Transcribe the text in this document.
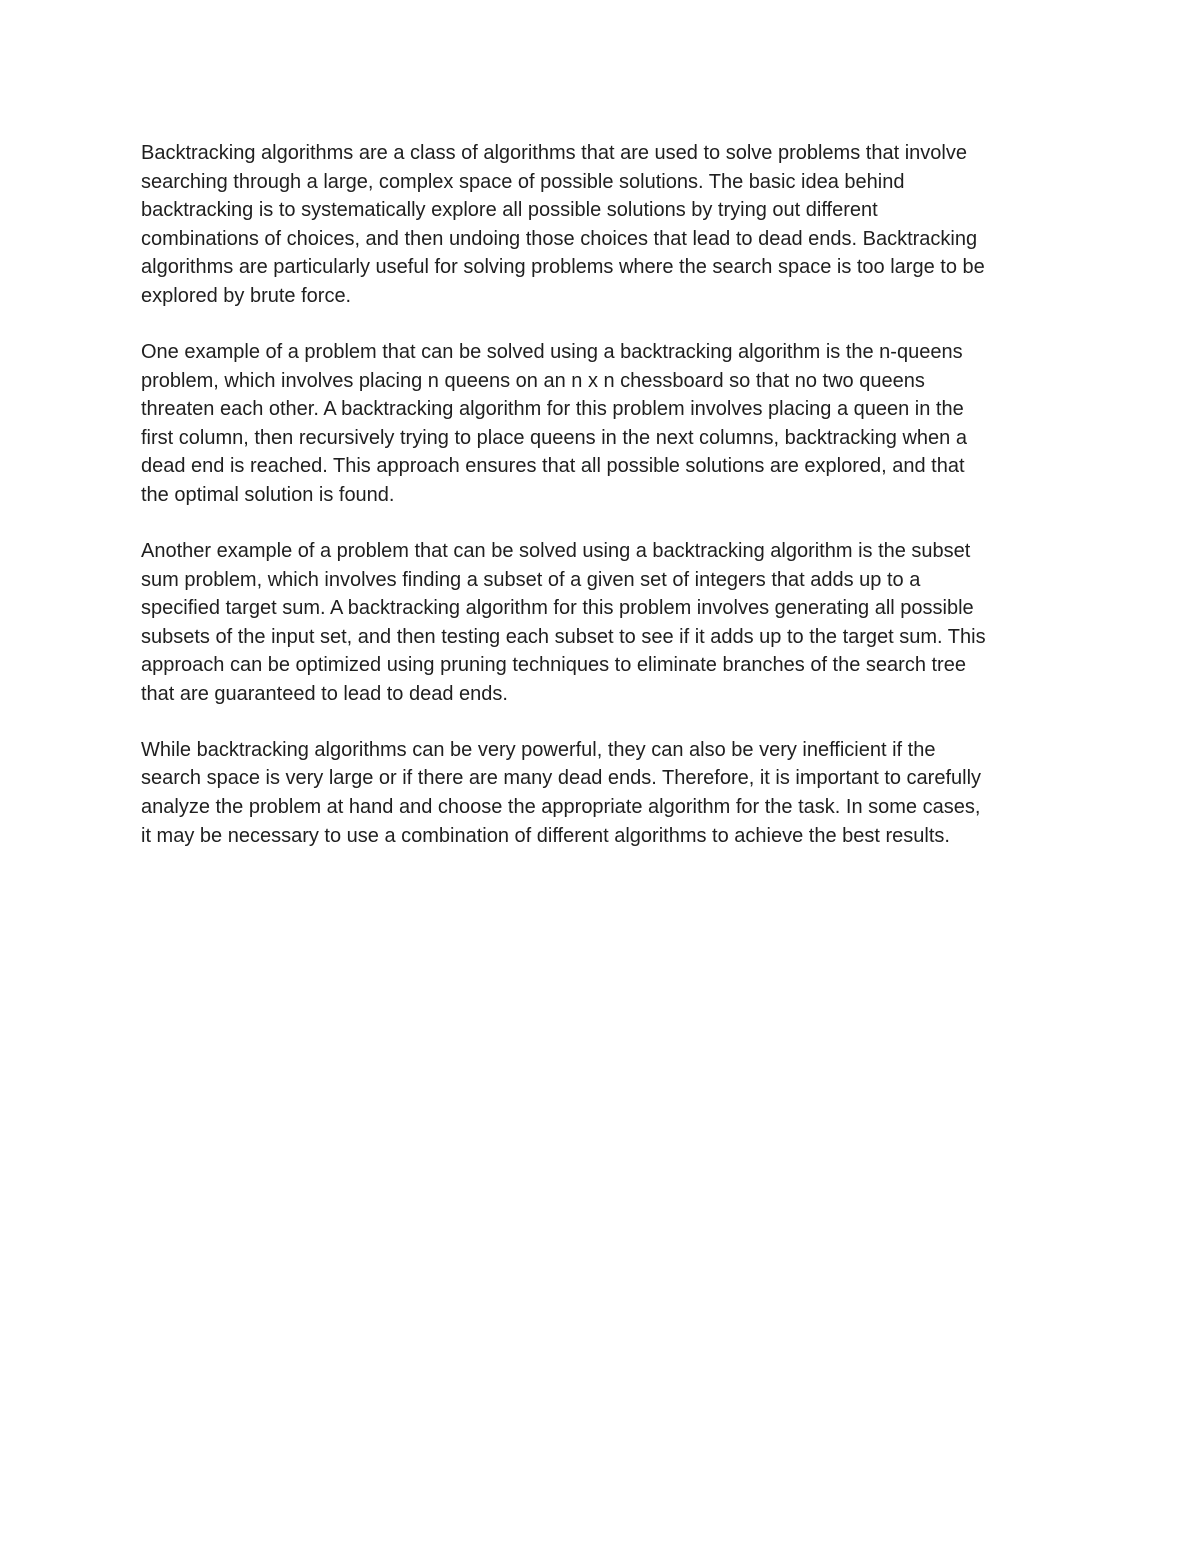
Backtracking algorithms are a class of algorithms that are used to solve problems that involve
searching through a large, complex space of possible solutions. The basic idea behind
backtracking is to systematically explore all possible solutions by trying out different
combinations of choices, and then undoing those choices that lead to dead ends. Backtracking
algorithms are particularly useful for solving problems where the search space is too large to be
explored by brute force.

One example of a problem that can be solved using a backtracking algorithm is the n-queens
problem, which involves placing n queens on an n x n chessboard so that no two queens
threaten each other. A backtracking algorithm for this problem involves placing a queen in the
first column, then recursively trying to place queens in the next columns, backtracking when a
dead end is reached. This approach ensures that all possible solutions are explored, and that
the optimal solution is found.

Another example of a problem that can be solved using a backtracking algorithm is the subset
sum problem, which involves finding a subset of a given set of integers that adds up to a
specified target sum. A backtracking algorithm for this problem involves generating all possible
subsets of the input set, and then testing each subset to see if it adds up to the target sum. This
approach can be optimized using pruning techniques to eliminate branches of the search tree
that are guaranteed to lead to dead ends.

While backtracking algorithms can be very powerful, they can also be very inefficient if the
search space is very large or if there are many dead ends. Therefore, it is important to carefully
analyze the problem at hand and choose the appropriate algorithm for the task. In some cases,
it may be necessary to use a combination of different algorithms to achieve the best results.
